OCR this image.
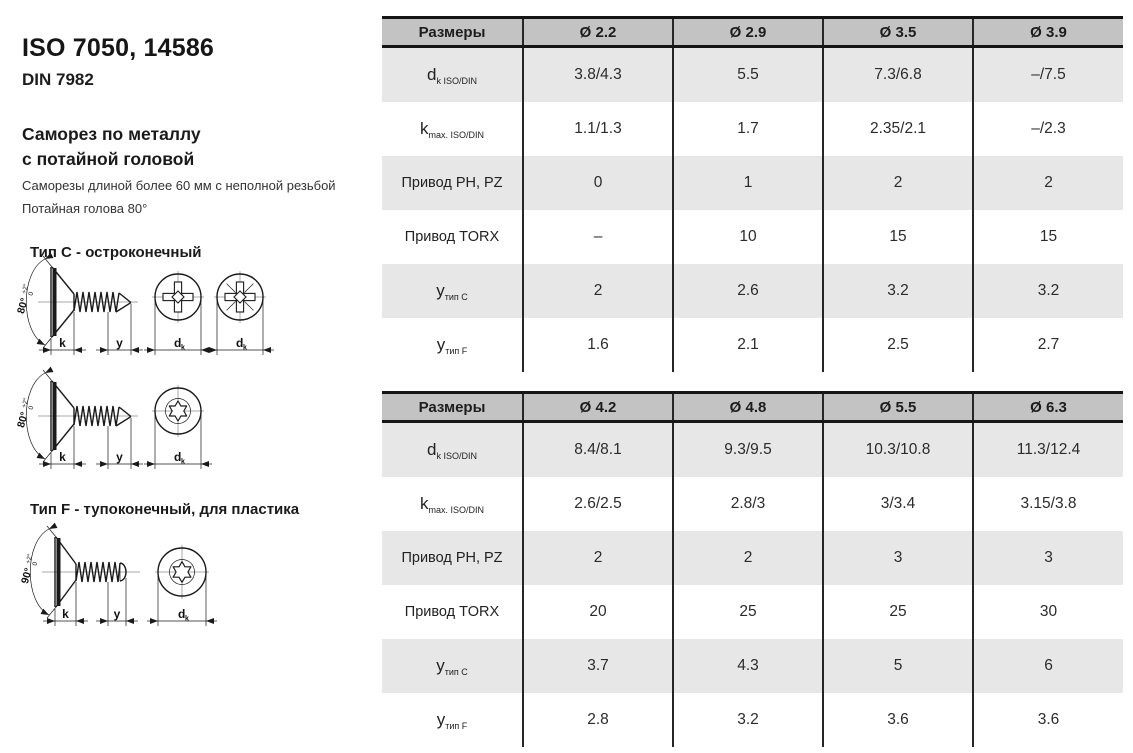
ISO 7050, 14586
DIN 7982
Саморез по металлу
с потайной головой

Саморезы длиной более 60 мм с неполной резьбой
Потайная голова 80°

Тип C - остроконечный
80°
+2°
0
k	y	d k	d k
80°
+2°
0
k	y	d k
Тип F - тупоконечный, для пластика
90°
+2°
0
k	y	d k
Размеры	Ø 2.2	Ø 2.9	Ø 3.5	Ø 3.9
$d_{k ISO/DIN}$	3.8/4.3	5.5	7.3/6.8	–/7.5
$k_{max. ISO/DIN}$	1.1/1.3	1.7	2.35/2.1	–/2.3
Привод PH, PZ	0	1	2	2
Привод TORX	–	10	15	15
$y_{тип C}$	2	2.6	3.2	3.2
$y_{тип F}$	1.6	2.1	2.5	2.7
Размеры	Ø 4.2	Ø 4.8	Ø 5.5	Ø 6.3
$d_{k ISO/DIN}$	8.4/8.1	9.3/9.5	10.3/10.8	11.3/12.4
$k_{max. ISO/DIN}$	2.6/2.5	2.8/3	3/3.4	3.15/3.8
Привод PH, PZ	2	2	3	3
Привод TORX	20	25	25	30
$y_{тип C}$	3.7	4.3	5	6
$y_{тип F}$	2.8	3.2	3.6	3.6
